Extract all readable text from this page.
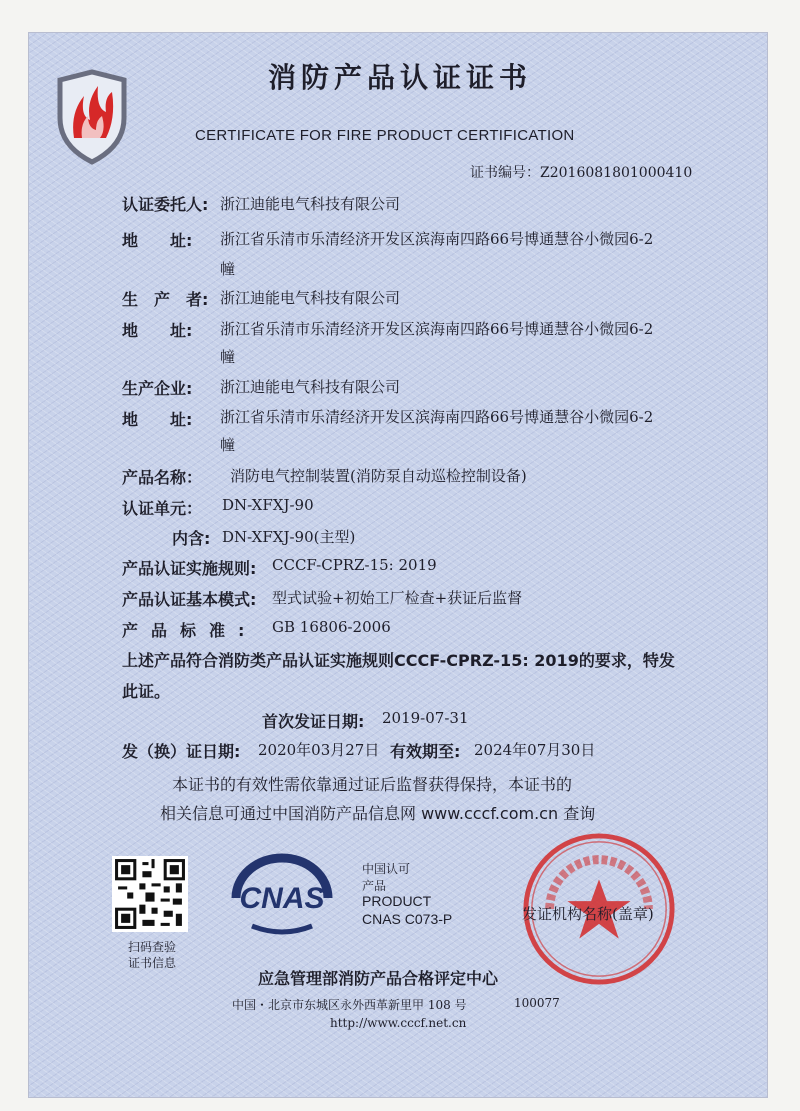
消防产品认证证书
CERTIFICATE FOR FIRE PRODUCT CERTIFICATION
证书编号：Z2016081801000410
认证委托人: 浙江迪能电气科技有限公司
地　　址: 浙江省乐清市乐清经济开发区滨海南四路66号博通慧谷小微园6-2
幢
生　产　者: 浙江迪能电气科技有限公司
地　　址: 浙江省乐清市乐清经济开发区滨海南四路66号博通慧谷小微园6-2
幢
生产企业: 浙江迪能电气科技有限公司
地　　址: 浙江省乐清市乐清经济开发区滨海南四路66号博通慧谷小微园6-2
幢
产品名称： 消防电气控制装置(消防泵自动巡检控制设备)
认证单元： DN-XFXJ-90
内含: DN-XFXJ-90(主型)
产品认证实施规则: CCCF-CPRZ-15: 2019
产品认证基本模式: 型式试验+初始工厂检查+获证后监督
产品标准: GB 16806-2006
上述产品符合消防类产品认证实施规则CCCF-CPRZ-15: 2019的要求，特发
此证。
首次发证日期: 2019-07-31
发（换）证日期: 2020年03月27日 有效期至: 2024年07月30日
本证书的有效性需依靠通过证后监督获得保持，本证书的
相关信息可通过中国消防产品信息网 www.cccf.com.cn 查询
扫码查验
证书信息
CNAS
中国认可
产品
PRODUCT
CNAS C073-P	发证机构名称(盖章)
应急管理部消防产品合格评定中心
中国・北京市东城区永外西革新里甲 108 号	100077
http://www.cccf.net.cn
